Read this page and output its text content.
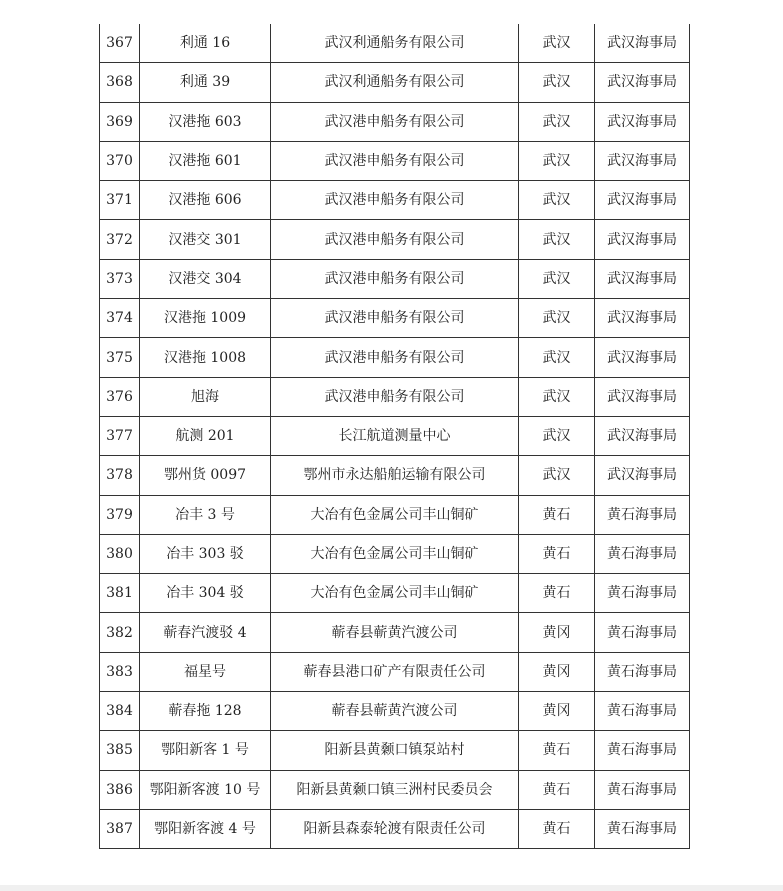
367	利通 16	武汉利通船务有限公司	武汉	武汉海事局
368	利通 39	武汉利通船务有限公司	武汉	武汉海事局
369	汉港拖 603	武汉港申船务有限公司	武汉	武汉海事局
370	汉港拖 601	武汉港申船务有限公司	武汉	武汉海事局
371	汉港拖 606	武汉港申船务有限公司	武汉	武汉海事局
372	汉港交 301	武汉港申船务有限公司	武汉	武汉海事局
373	汉港交 304	武汉港申船务有限公司	武汉	武汉海事局
374	汉港拖 1009	武汉港申船务有限公司	武汉	武汉海事局
375	汉港拖 1008	武汉港申船务有限公司	武汉	武汉海事局
376	旭海	武汉港申船务有限公司	武汉	武汉海事局
377	航测 201	长江航道测量中心	武汉	武汉海事局
378	鄂州货 0097	鄂州市永达船舶运输有限公司	武汉	武汉海事局
379	冶丰 3 号	大冶有色金属公司丰山铜矿	黄石	黄石海事局
380	冶丰 303 驳	大冶有色金属公司丰山铜矿	黄石	黄石海事局
381	冶丰 304 驳	大冶有色金属公司丰山铜矿	黄石	黄石海事局
382	蕲春汽渡驳 4	蕲春县蕲黄汽渡公司	黄冈	黄石海事局
383	福星号	蕲春县港口矿产有限责任公司	黄冈	黄石海事局
384	蕲春拖 128	蕲春县蕲黄汽渡公司	黄冈	黄石海事局
385	鄂阳新客 1 号	阳新县黄颡口镇泵站村	黄石	黄石海事局
386	鄂阳新客渡 10 号	阳新县黄颡口镇三洲村民委员会	黄石	黄石海事局
387	鄂阳新客渡 4 号	阳新县森泰轮渡有限责任公司	黄石	黄石海事局
